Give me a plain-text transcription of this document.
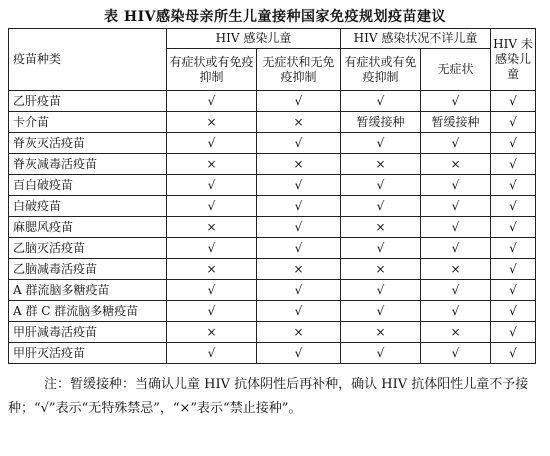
表 HIV感染母亲所生儿童接种国家免疫规划疫苗建议
疫苗种类	HIV 感染儿童		HIV 感染状况不详儿童		HIV 未感染儿童
	有症状或有免疫抑制	无症状和无免疫抑制	有症状或有免疫抑制	无症状	
乙肝疫苗	√	√	√	√	√
卡介苗	×	×	暂缓接种	暂缓接种	√
脊灰灭活疫苗	√	√	√	√	√
脊灰减毒活疫苗	×	×	×	×	√
百白破疫苗	√	√	√	√	√
白破疫苗	√	√	√	√	√
麻腮风疫苗	×	√	×	√	√
乙脑灭活疫苗	√	√	√	√	√
乙脑减毒活疫苗	×	×	×	×	√
A 群流脑多糖疫苗	√	√	√	√	√
A 群 C 群流脑多糖疫苗	√	√	√	√	√
甲肝减毒活疫苗	×	×	×	×	√
甲肝灭活疫苗	√	√	√	√	√
注：暂缓接种：当确认儿童 HIV 抗体阴性后再补种，确认 HIV 抗体阳性儿童不予接种；“√”表示“无特殊禁忌”，“×”表示“禁止接种”。
